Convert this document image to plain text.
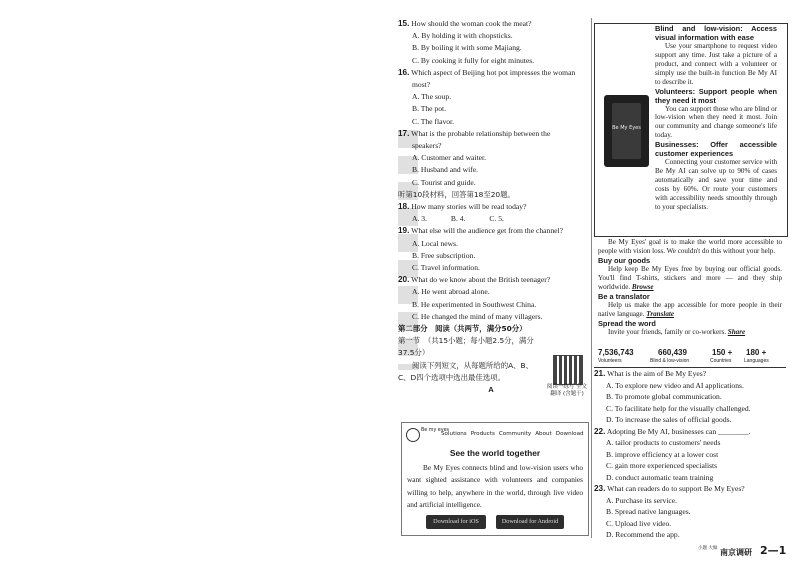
15. How should the woman cook the meat?
A. By holding it with chopsticks.
B. By boiling it with some Majiang.
C. By cooking it fully for eight minutes.
16. Which aspect of Beijing hot pot impresses the woman
most?
A. The soup.
B. The pot.
C. The flavor.
17. What is the probable relationship between the
speakers?
A. Customer and waiter.
B. Husband and wife.
C. Tourist and guide.
听第10段材料，回答第18至20题。
18. How many stories will be read today?
A. 3.	B. 4.	C. 5.
19. What else will the audience get from the channel?
A. Local news.
B. Free subscription.
C. Travel information.
20. What do we know about the British teenager?
A. He went abroad alone.
B. He experimented in Southwest China.
C. He changed the mind of many villagers.
第二部分　阅读（共两节，满分50分）
第一节　（共15小题；每小题2.5分，满分37.5分）
阅读下列短文，从每题所给的A、B、
C、D四个选项中选出最佳选项。
A	阅读一练写 全文翻译 (含题干)
Be my eyes
Solutions Products Community About Download
See the world together
Be My Eyes connects blind and low-vision users who want sighted assistance with volunteers and companies willing to help, anywhere in the world, through live video and artificial intelligence.
Download for iOS	Download for Android
Be My Eyes
Blind and low-vision: Access visual information with ease
Use your smartphone to request video support any time. Just take a picture of a product, and connect with a volunteer or simply use the built-in function Be My AI to describe it.
Volunteers: Support people when they need it most
You can support those who are blind or low-vision when they need it most. Join our community and change someone's life today.
Businesses: Offer accessible customer experiences
Connecting your customer service with Be My AI can solve up to 90% of cases automatically and save your time and costs by 60%. Or route your customers with accessibility needs smoothly through to your specialists.
Be My Eyes' goal is to make the world more accessible to people with vision loss. We couldn't do this without your help.
Buy our goods
Help keep Be My Eyes free by buying our official goods. You'll find T-shirts, stickers and more — and they ship worldwide. Browse
Be a translator
Help us make the app accessible for more people in their native language. Translate
Spread the word
Invite your friends, family or co-workers. Share
7,536,743
Volunteers
660,439
Blind & low-vision
150 +
Countries
180 +
Languages
21. What is the aim of Be My Eyes?
A. To explore new video and AI applications.
B. To promote global communication.
C. To facilitate help for the visually challenged.
D. To increase the sales of official goods.
22. Adopting Be My AI, businesses can ________.
A. tailor products to customers' needs
B. improve efficiency at a lower cost
C. gain more experienced specialists
D. conduct automatic team training
23. What can readers do to support Be My Eyes?
A. Purchase its service.
B. Spread native languages.
C. Upload live video.
D. Recommend the app.
小题 大做 南京调研 2—1
